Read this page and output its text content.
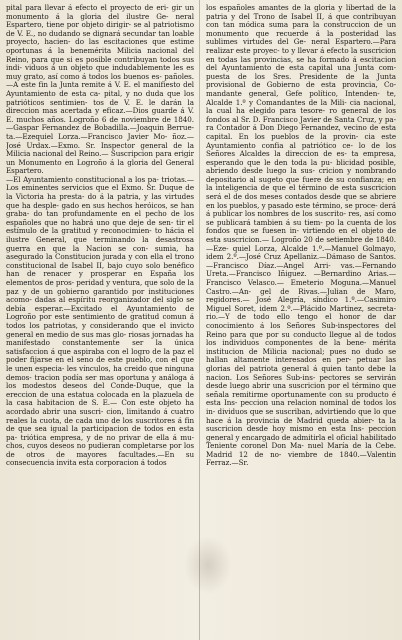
pital para llevar á efecto el proyecto de eri- gir un monumento á la gloria del ilustre Ge- neral Espartero, tiene por objeto dirigir- se al patriotismo de V. E., no dudando se dignará secundar tan loable proyecto, hacien- do las escitaciones que estime oportunas á la benemérita Milicia nacional del Reino, para que si es posible contribuyan todos sus indi- viduos á un objeto que indudablemente les es muy grato, así como á todos los buenos es- pañoles.—A este fin la Junta remite á V. E. el manifiesto del Ayuntamiento de esta ca- pital, y no duda que los patrióticos sentimien- tos de V. E. le darán la direccion mas acertada y eficaz.—Dios guarde á V. E. muchos años. Logroño 6 de noviembre de 1840.—Gaspar Fernandez de Bobadilla.—Joaquin Berrue- ta.—Ezequiel Lorza.—Francisco Javier Mo- ñoz.—José Urdax.—Exmo. Sr. Inspector general de la Milicia nacional del Reino.— Suscripcion para erigir un Monumento en Logroño á la gloria del General Espartero.

—El Ayuntamiento constitucional a los pa- triotas.—Los eminentes servicios que el Exmo. Sr. Duque de la Victoria ha presta- do á la patria, y las virtudes que ha desple- gado en sus hechos heróicos, se han graba- do tan profundamente en el pecho de los españoles que no habrá uno que deje de sen- tir el estímulo de la gratitud y reconocimien- to hácia el ilustre General, que terminando la desastrosa guerra en que la Nacion se con- sumia, ha asegurado la Constitucion jurada y con ella el trono constitucional de Isabel II, bajo cuyo solo benéfico han de renacer y prosperar en España los elementos de pros- peridad y ventura, que solo de la paz y de un gobierno garantido por instituciones acomo- dadas al espíritu reorganizador del siglo se debía esperar.—Excitado el Ayuntamiento de Logroño por este sentimiento de gratitud comun á todos los patriotas, y considerando que el invicto general en medio de sus mas glo- riosas jornadas ha manifestado constantemente ser la única satisfaccion á que aspiraba con el logro de la paz el poder fijarse en el seno de este pueblo, con el que le unen especia- les vínculos, ha creido que ninguna demos- tracion podía ser mas oportuna y análoga á los modestos deseos del Conde-Duque, que la ereccion de una estatua colocada en la plazuela de la casa habitacion de S. E.— Con este objeto ha acordado abrir una suscri- cion, limitando á cuatro reales la cuota, de cada uno de los suscritores á fin de que sea igual la participacion de todos en esta pa- triótica empresa, y de no privar de ella á mu- chos, cuyos deseos no pudieran completarse por los de otros de mayores facultades.—En su consecuencia invita esta corporacion á todos

los españoles amantes de la gloria y libertad de la patria y del Trono de Isabel II, á que contribuyan con tan módica suma para la construccion de un monumento que recuerde á la posteridad las sublimes virtudes del Ge- neral Espartero.—Para realizar este proyec- to y llevar á efecto la suscricion en todas las provincias, se ha formado á escitacion del Ayuntamiento de esta capital una Junta com- puesta de los Sres. Presidente de la Junta provisional de Gobierno de esta provincia, Co- mandante general, Gefe político, Intenden- te, Alcalde 1.º y Comandantes de la Mili- cia nacional, la cual ha elegido para tesore- ro general de los fondos al Sr. D. Francisco Javier de Santa Cruz, y pa- ra Contador á Don Diego Fernandez, vecino de esta capital. En los pueblos de la provin- cia este Ayuntamiento confia al patriótico ce- lo de los Señores Alcaldes la direccion de es- ta empresa, esperando que le den toda la pu- blicidad posible, abriendo desde luego la sus- cricion y nombrando depositario al sugeto que fuere de su confianza; en la inteligencia de que el término de esta suscricion será el de dos meses contados desde que se abriere en los pueblos, y pasado este término, se proce- derá á publicar los nombres de los suscrito- res, así como se publicará tambien á su tiem- po la cuenta de los fondos que se fuesen in- virtiendo en el objeto de esta suscricion.— Logroño 20 de setiembre de 1840.—Eze- quiel Lorza, Alcalde 1.º.—Manuel Golmayo, idem 2.º.—José Cruz Apellaniz.—Dámaso de Santos.—Francisco Díaz.—Angel Arri- vas.—Fernando Ureta.—Francisco Iñiguez. —Bernardino Arias.—Francisco Velasco.— Emeterio Moguna.—Manuel Castro.—An- gel de Rivas.—Julian de Maro, regidores.— José Alegría, síndico 1.º.—Casimiro Miguel Soret, idem 2.º.—Plácido Martinez, secreta- rio.—Y de todo ello tengo el honor de dar conocimiento á los Señores Sub-inspectores del Reino para que por su conducto llegue al de todos los individuos componentes de la bene- mérita institucion de Milicia nacional; pues no dudo se hallan altamente interesados en per- petuar las glorias del patriota general á quien tanto debe la nacion. Los Señores Sub-ins- pectores se servirán desde luego abrir una suscricion por el término que señala remitirme oportunamente con su producto é esta Ins- peccion una relacion nominal de todos los in- dividuos que se suscriban, advirtiendo que lo que hace á la provincia de Madrid queda abier- ta la suscricion desde hoy mismo en esta Ins- peccion general y encargado de admitirla el oficial habilitado Teniente coronel Don Ma- nuel María de la Cebe. Madrid 12 de no- viembre de 1840.—Valentin Ferraz.—Sr.
